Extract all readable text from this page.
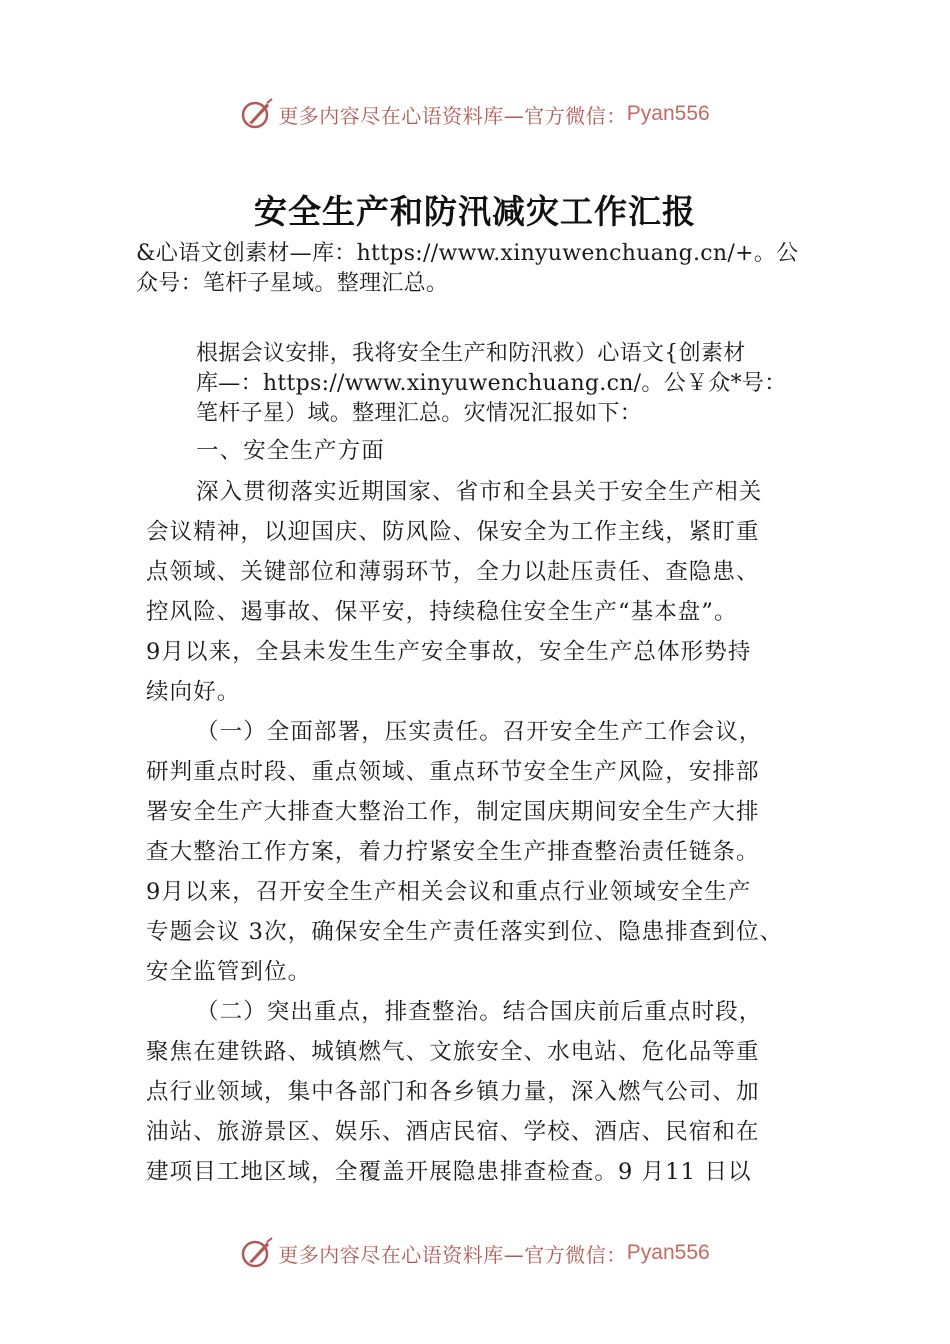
更多内容尽在心语资料库—官方微信： Pyan556
安全生产和防汛减灾工作汇报
&心语文创素材—库：https://www.xinyuwenchuang.cn/+。公
众号：笔杆子星域。整理汇总。
根据会议安排，我将安全生产和防汛救）心语文{创素材
库—：https://www.xinyuwenchuang.cn/。公￥众*号：
笔杆子星）域。整理汇总。灾情况汇报如下：
一、安全生产方面
深入贯彻落实近期国家、省市和全县关于安全生产相关
会议精神，以迎国庆、防风险、保安全为工作主线，紧盯重
点领域、关键部位和薄弱环节，全力以赴压责任、查隐患、
控风险、遏事故、保平安，持续稳住安全生产“基本盘”。
9月以来，全县未发生生产安全事故，安全生产总体形势持
续向好。
（一）全面部署，压实责任。召开安全生产工作会议，
研判重点时段、重点领域、重点环节安全生产风险，安排部
署安全生产大排查大整治工作，制定国庆期间安全生产大排
查大整治工作方案，着力拧紧安全生产排查整治责任链条。
9月以来，召开安全生产相关会议和重点行业领域安全生产
专题会议 3次，确保安全生产责任落实到位、隐患排查到位、
安全监管到位。
（二）突出重点，排查整治。结合国庆前后重点时段，
聚焦在建铁路、城镇燃气、文旅安全、水电站、危化品等重
点行业领域，集中各部门和各乡镇力量，深入燃气公司、加
油站、旅游景区、娱乐、酒店民宿、学校、酒店、民宿和在
建项目工地区域，全覆盖开展隐患排查检查。9 月11 日以
更多内容尽在心语资料库—官方微信： Pyan556
